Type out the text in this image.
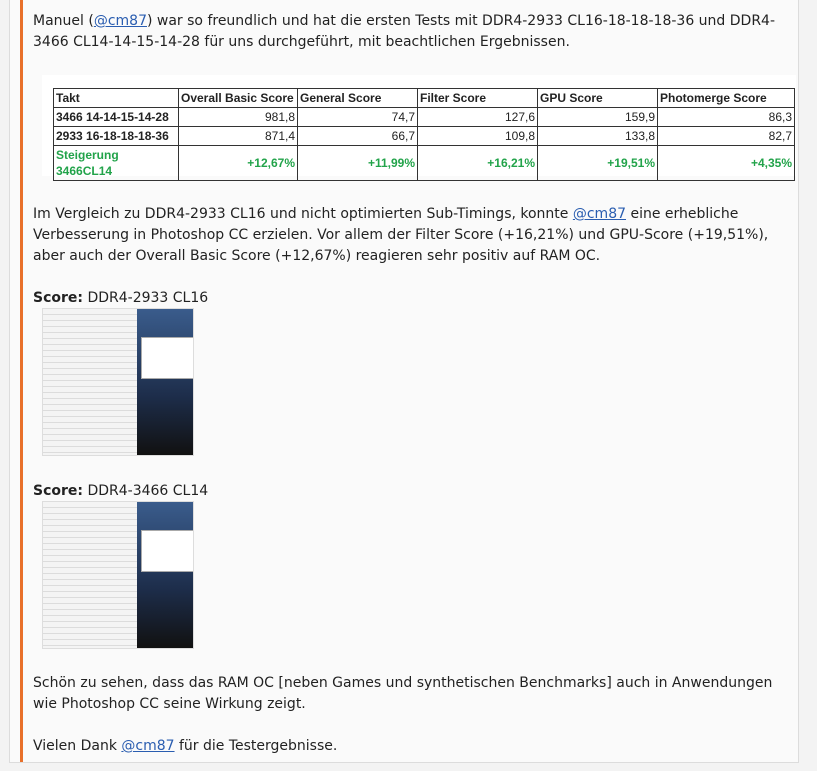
Manuel (@cm87) war so freundlich und hat die ersten Tests mit DDR4-2933 CL16-18-18-18-36 und DDR4-3466 CL14-14-15-14-28 für uns durchgeführt, mit beachtlichen Ergebnissen.

Takt	Overall Basic Score	General Score	Filter Score	GPU Score	Photomerge Score
3466 14-14-15-14-28	981,8	74,7	127,6	159,9	86,3
2933 16-18-18-18-36	871,4	66,7	109,8	133,8	82,7
Steigerung 3466CL14	+12,67%	+11,99%	+16,21%	+19,51%	+4,35%

Im Vergleich zu DDR4-2933 CL16 und nicht optimierten Sub-Timings, konnte @cm87 eine erhebliche Verbesserung in Photoshop CC erzielen. Vor allem der Filter Score (+16,21%) und GPU-Score (+19,51%), aber auch der Overall Basic Score (+12,67%) reagieren sehr positiv auf RAM OC.

Score: DDR4-2933 CL16

Score: DDR4-3466 CL14

Schön zu sehen, dass das RAM OC [neben Games und synthetischen Benchmarks] auch in Anwendungen wie Photoshop CC seine Wirkung zeigt.

Vielen Dank @cm87 für die Testergebnisse.
